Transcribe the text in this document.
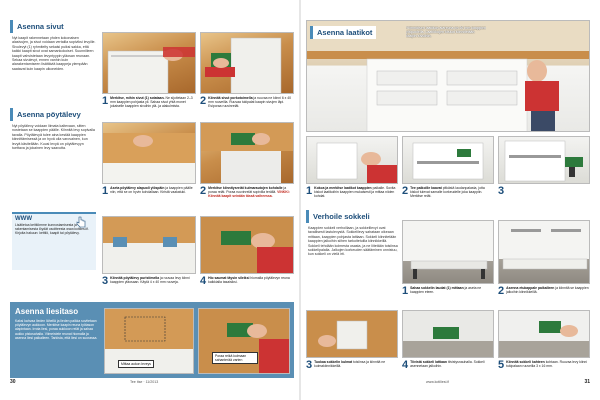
Asenna sivut
Nyt kaapit rakennetaan yhden kokonaisen alasivujen, ja sivut voidaan vertailla sopiviksi levyille. Sivulevyt (1) ryhmitelty sekaisi puiksi sakka, että kaikki kaapit sivut ovat samankokoiset. Suunnilleen kaapit vahvistetaan levyntyypin yläosan reunaan. Sekaa sivulevyt, ennen vanhin kuin alarakentamiseen lisättäviä kaappeja ylempään saatavat kuin kaapin ulkoneiden.
1 Merkitse, mihin sivut (1) sotataan. Ne sijoitetaan 2–3 mm kaappien pohjasta yli. Sahaa sivut yhtä monet jokaiselle kaappien sivuihin ylä- ja alakulmista.	2 Kiinnitä sivut porkotoimella ja ruuvaa ne kiinni 6 x 40 mm ruuveilla. Ruuvaa tukipalat kaapin sivujen läpi. Esiporaa ruuvinreiät.
Asenna pöytälevy
Nyt pöytälevy voidaan liimata kaltevaan, sitten nostetaan se kaappien päälle. Kiinnitä levy sopivalla tavalla. Pöytälevyä tulee aina kestää kaappien kiinnittämisessä ja on hyvä olla varovainen, kun levyä käsitellään. Kuusi levyä on pöytälevyyn tuettava ja jokainen levy saavutta.
1 Aseta pöytälevy alapuoli ylöspäin ja kaappien päälle niin, että se on hyvin kohdallaan. Kiristä vaakatuki.	2 Merkitse kiinnitysreiät kulmarautojen kohdalle ja poraa reiät. Poraa ruuvinreiät sopivilla terällä. VINKKI: Kiinnitä kaapit seinään tässä vaiheessa.
WWW
Lisätietoa keittiömme kunnostamisesta ja rakentamisesta löydät osoitteesta www.kotiliesi.fi. Kirjoita hakuun: keittiö, kaapit tai pöytälevy.
3 Kiinnitä pöytälevy puristimella ja ruuvaa levy kiinni kaappien yläosaan. Käytä 4 x 40 mm ruuveja.	4 Hio saumat täysin sileiksi hiomalla pöytälevyn reuna kaikkialla tasaisiksi.
Asenna liesitaso
Kaksi kahvaa lieden lähellä ja lieden paikka sovitetaan pöytälevyn aukkoon. Merkitse kaapin reuna työtason alapintaan. Irrota liesi, poraa aukkoon reiät ja sahaa aukko pistosahalla. Viimeistele reunat hiomalla ja asenna liesi paikalleen. Tarkista, että liesi on suorassa.
Mittaa aukon leveys
Poraa reikä kulmaan sahanterää varten
30	Tee itse · 11/2013
Asenna laatikot	Ylimmäisen laatikon alareuna on 26 mm kaappien yläpuolella. Laatikkojen kiskot kiinnitetään kaapin sivuihin.
1 Kokoa ja merkitse laatikot kaappien paikalle. Sovita kiskot laatikoihin kaappien mukaisesti ja mittaa niiden kohdat.	2 Tee paikoille kaavat pitkästä laudanpalasta, jotta kiskot tulevat samalle korkeudelle joka kaappiin. Merkitse reiät.	3
Verhoile sokkeli
Kaappien sokkeli verhoillaan, ja sokkelilevyt ovat tavallisesti lastulevystä. Sokkelilevy sahataan oikeaan mittaan, kaappien pohjasta lattiaan. Sokkeli kiinnitetään kaappien jalkoihin siihen tarkoitetuilla kiinnikkeillä. Sokkeli tehdään kolmesta osasta, ja ne liitetään toisiinsa sokkelipalalla. Jalkojen korkeuden säätäminen onnistuu, kun sokkeli on vielä irti.
1 Sahaa sokkelin laudat (1) mittaan ja aseta ne kaappien eteen.	2 Asenna etukappale paikalleen ja kiinnitä se kaappien jalkoihin kiinnikkeillä.
3 Tuokaa sokkelin kulmat toisiinsa ja kiinnitä ne kulmakiinnikkeillä.	4 Tiivistä sokkeli lattiaan tiivistysnauhalla. Sokkeli asennetaan jalkoihin.	5 Kiinnitä sokkeli kahteen kohtaan. Ruuvaa levy kiinni tukipalaan ruuveilla 3 x 16 mm.
www.kotiliesi.fi	31
